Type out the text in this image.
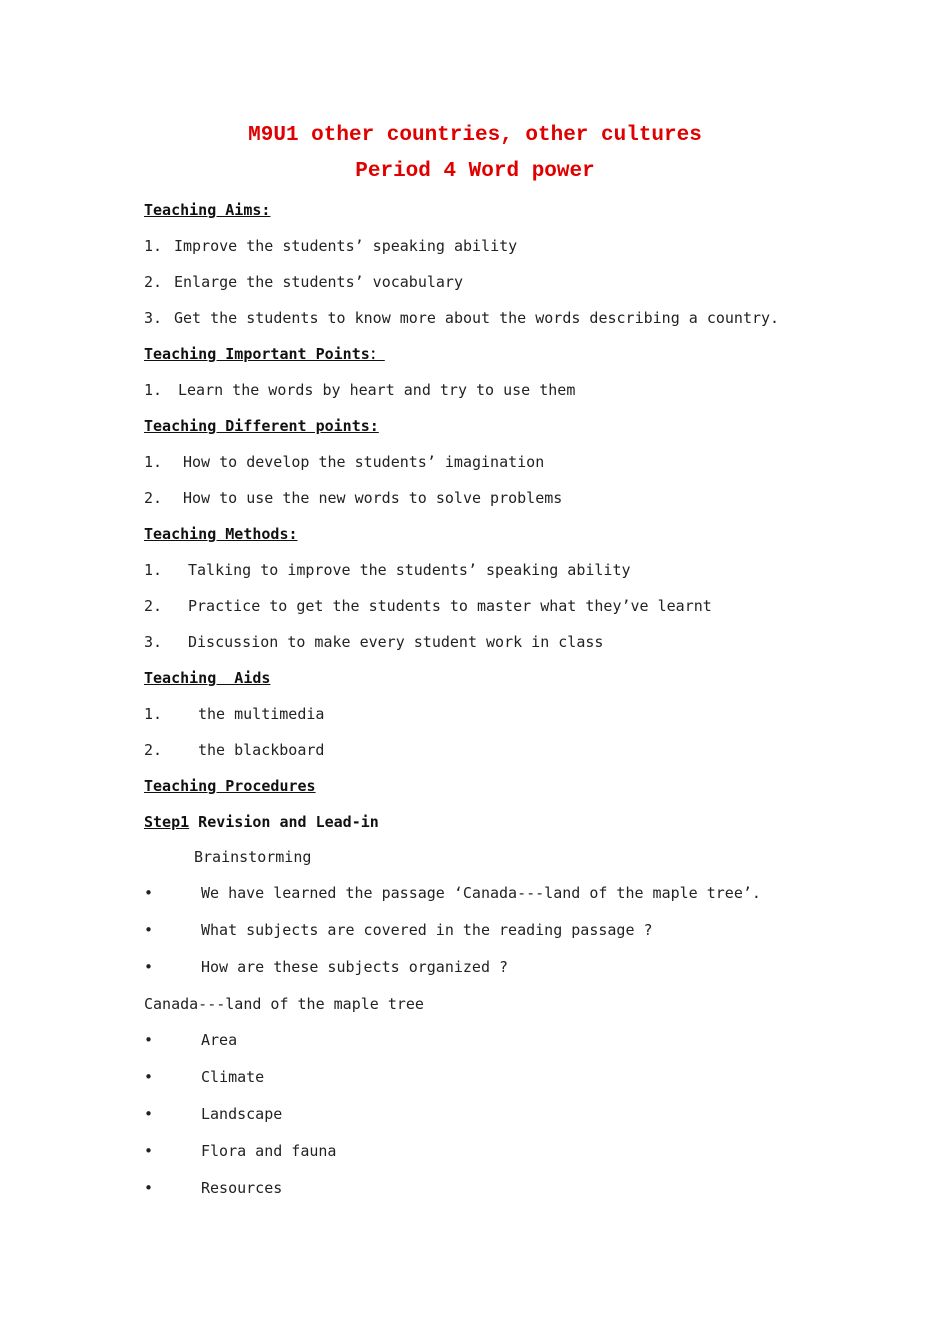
M9U1 other countries, other cultures
Period 4 Word power
Teaching Aims:
1. Improve the students’ speaking ability
2. Enlarge the students’ vocabulary
3. Get the students to know more about the words describing a country.
Teaching Important Points：
1. Learn the words by heart and try to use them
Teaching Different points:
1. How to develop the students’ imagination
2. How to use the new words to solve problems
Teaching Methods:
1. Talking to improve the students’ speaking ability
2. Practice to get the students to master what they’ve learnt
3. Discussion to make every student work in class
Teaching  Aids
1. the multimedia
2. the blackboard
Teaching Procedures
Step1 Revision and Lead-in
Brainstorming
•	We have learned the passage ‘Canada---land of the maple tree’.
•	What subjects are covered in the reading passage ?
•	How are these subjects organized ?
Canada---land of the maple tree
•	Area
•	Climate
•	Landscape
•	Flora and fauna
•	Resources
